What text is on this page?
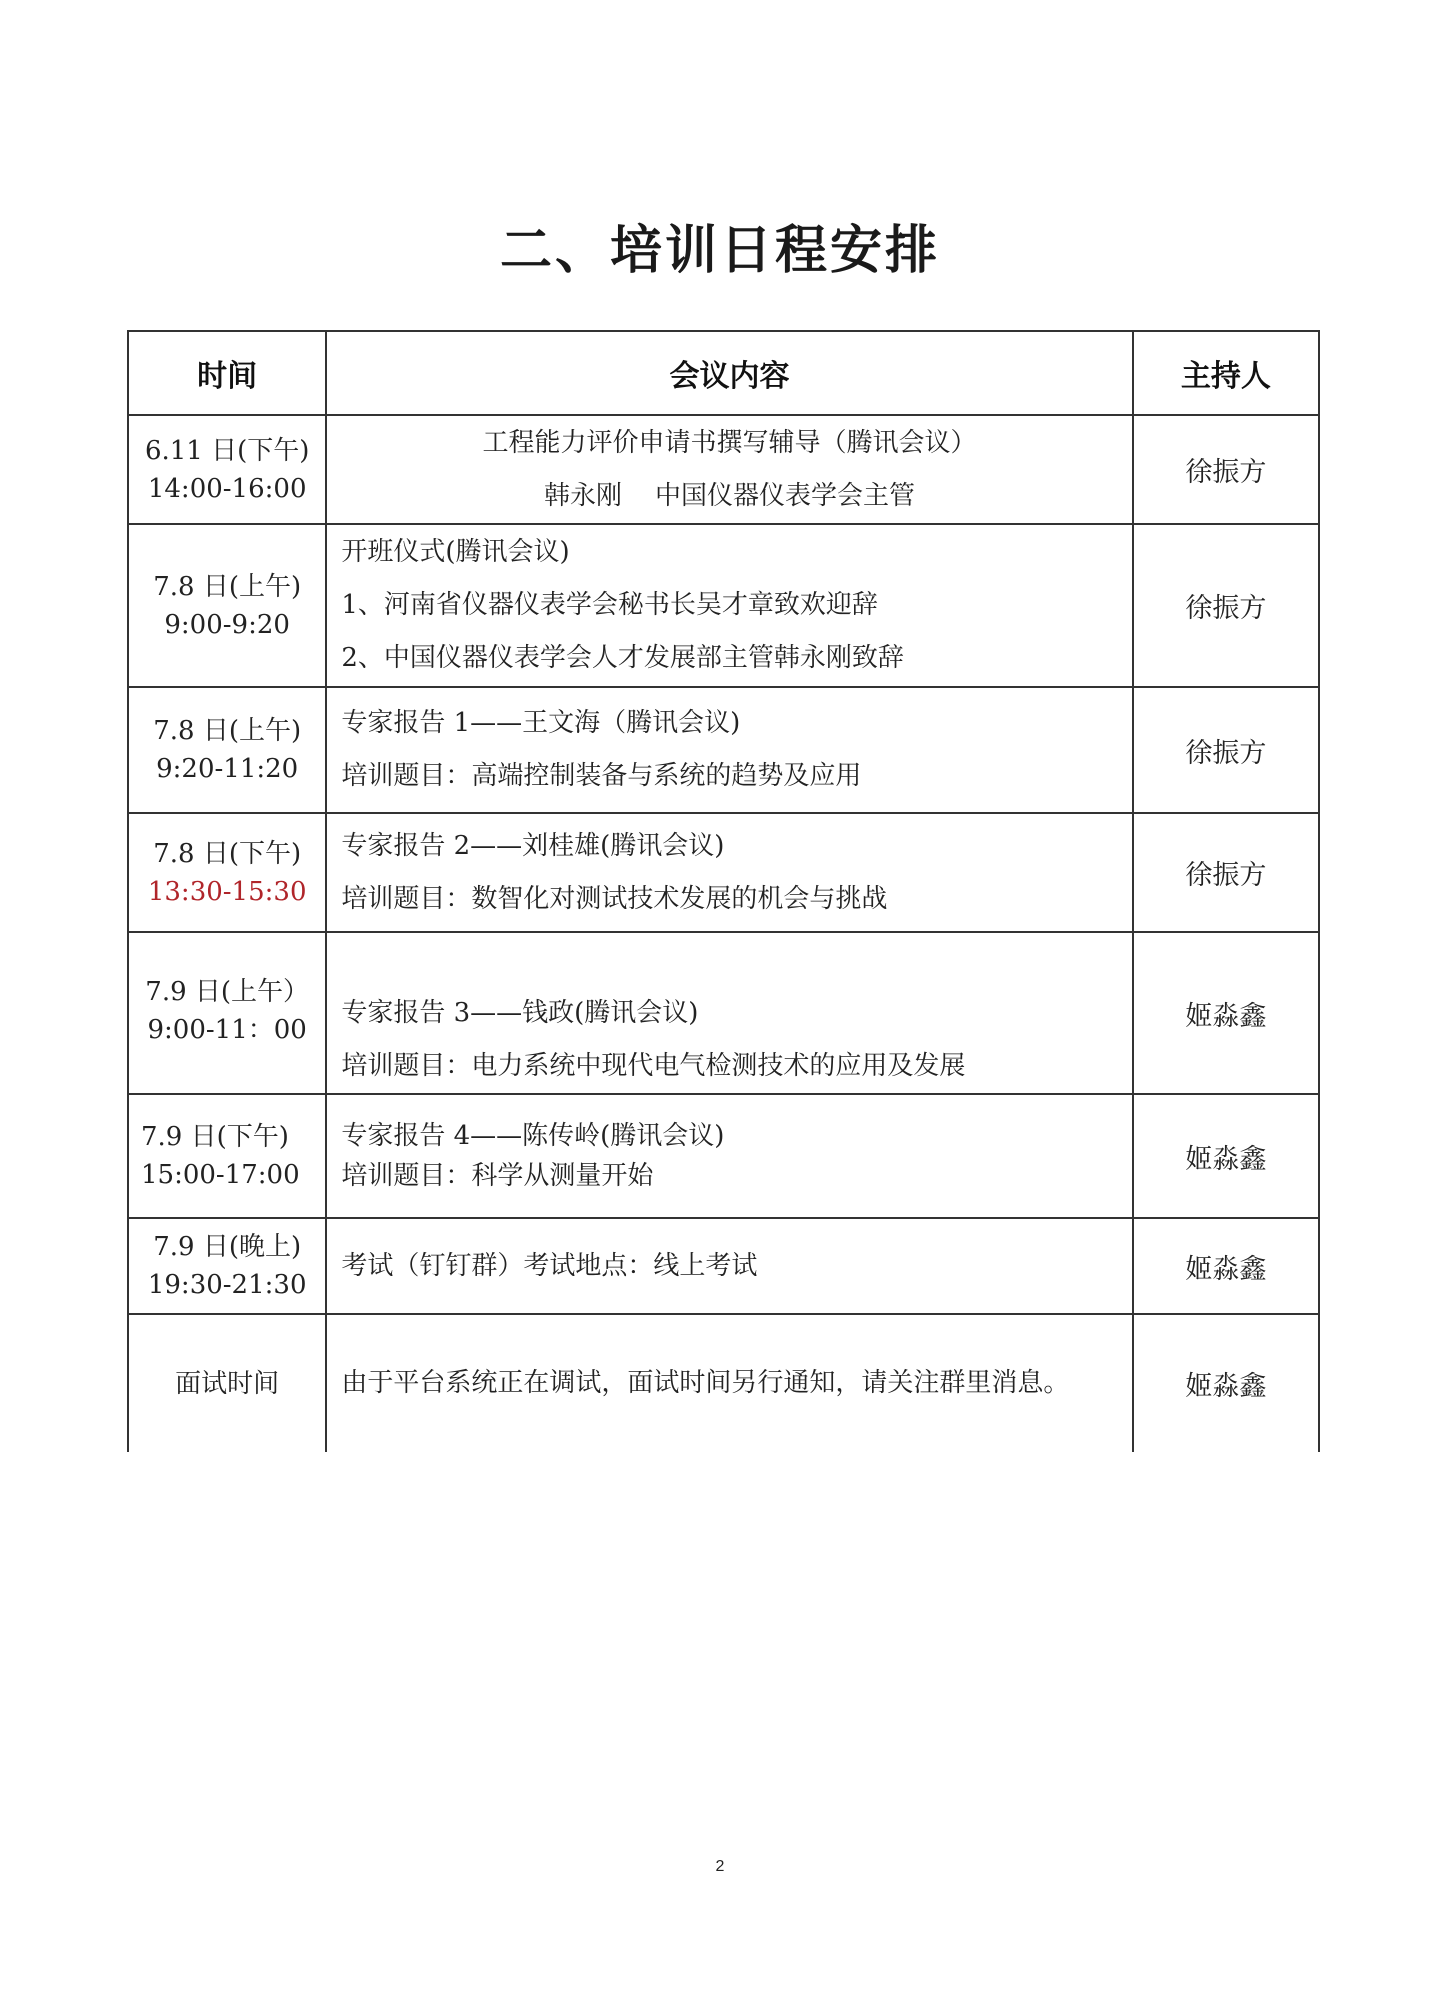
二、培训日程安排
时间	会议内容	主持人

6.11 日(下午)
14:00-16:00	工程能力评价申请书撰写辅导（腾讯会议）
韩永刚    中国仪器仪表学会主管	徐振方

7.8 日(上午)
9:00-9:20	开班仪式(腾讯会议)
1、河南省仪器仪表学会秘书长吴才章致欢迎辞
2、中国仪器仪表学会人才发展部主管韩永刚致辞	徐振方

7.8 日(上午)
9:20-11:20	专家报告 1——王文海（腾讯会议)
培训题目：高端控制装备与系统的趋势及应用	徐振方

7.8 日(下午)
13:30-15:30	专家报告 2——刘桂雄(腾讯会议)
培训题目：数智化对测试技术发展的机会与挑战	徐振方

7.9 日(上午）
9:00-11：00	专家报告 3——钱政(腾讯会议)
培训题目：电力系统中现代电气检测技术的应用及发展	姬淼鑫

7.9 日(下午)
15:00-17:00	专家报告 4——陈传岭(腾讯会议)
培训题目：科学从测量开始	姬淼鑫

7.9 日(晚上)
19:30-21:30	考试（钉钉群）考试地点：线上考试	姬淼鑫

面试时间	由于平台系统正在调试，面试时间另行通知，请关注群里消息。	姬淼鑫
2
